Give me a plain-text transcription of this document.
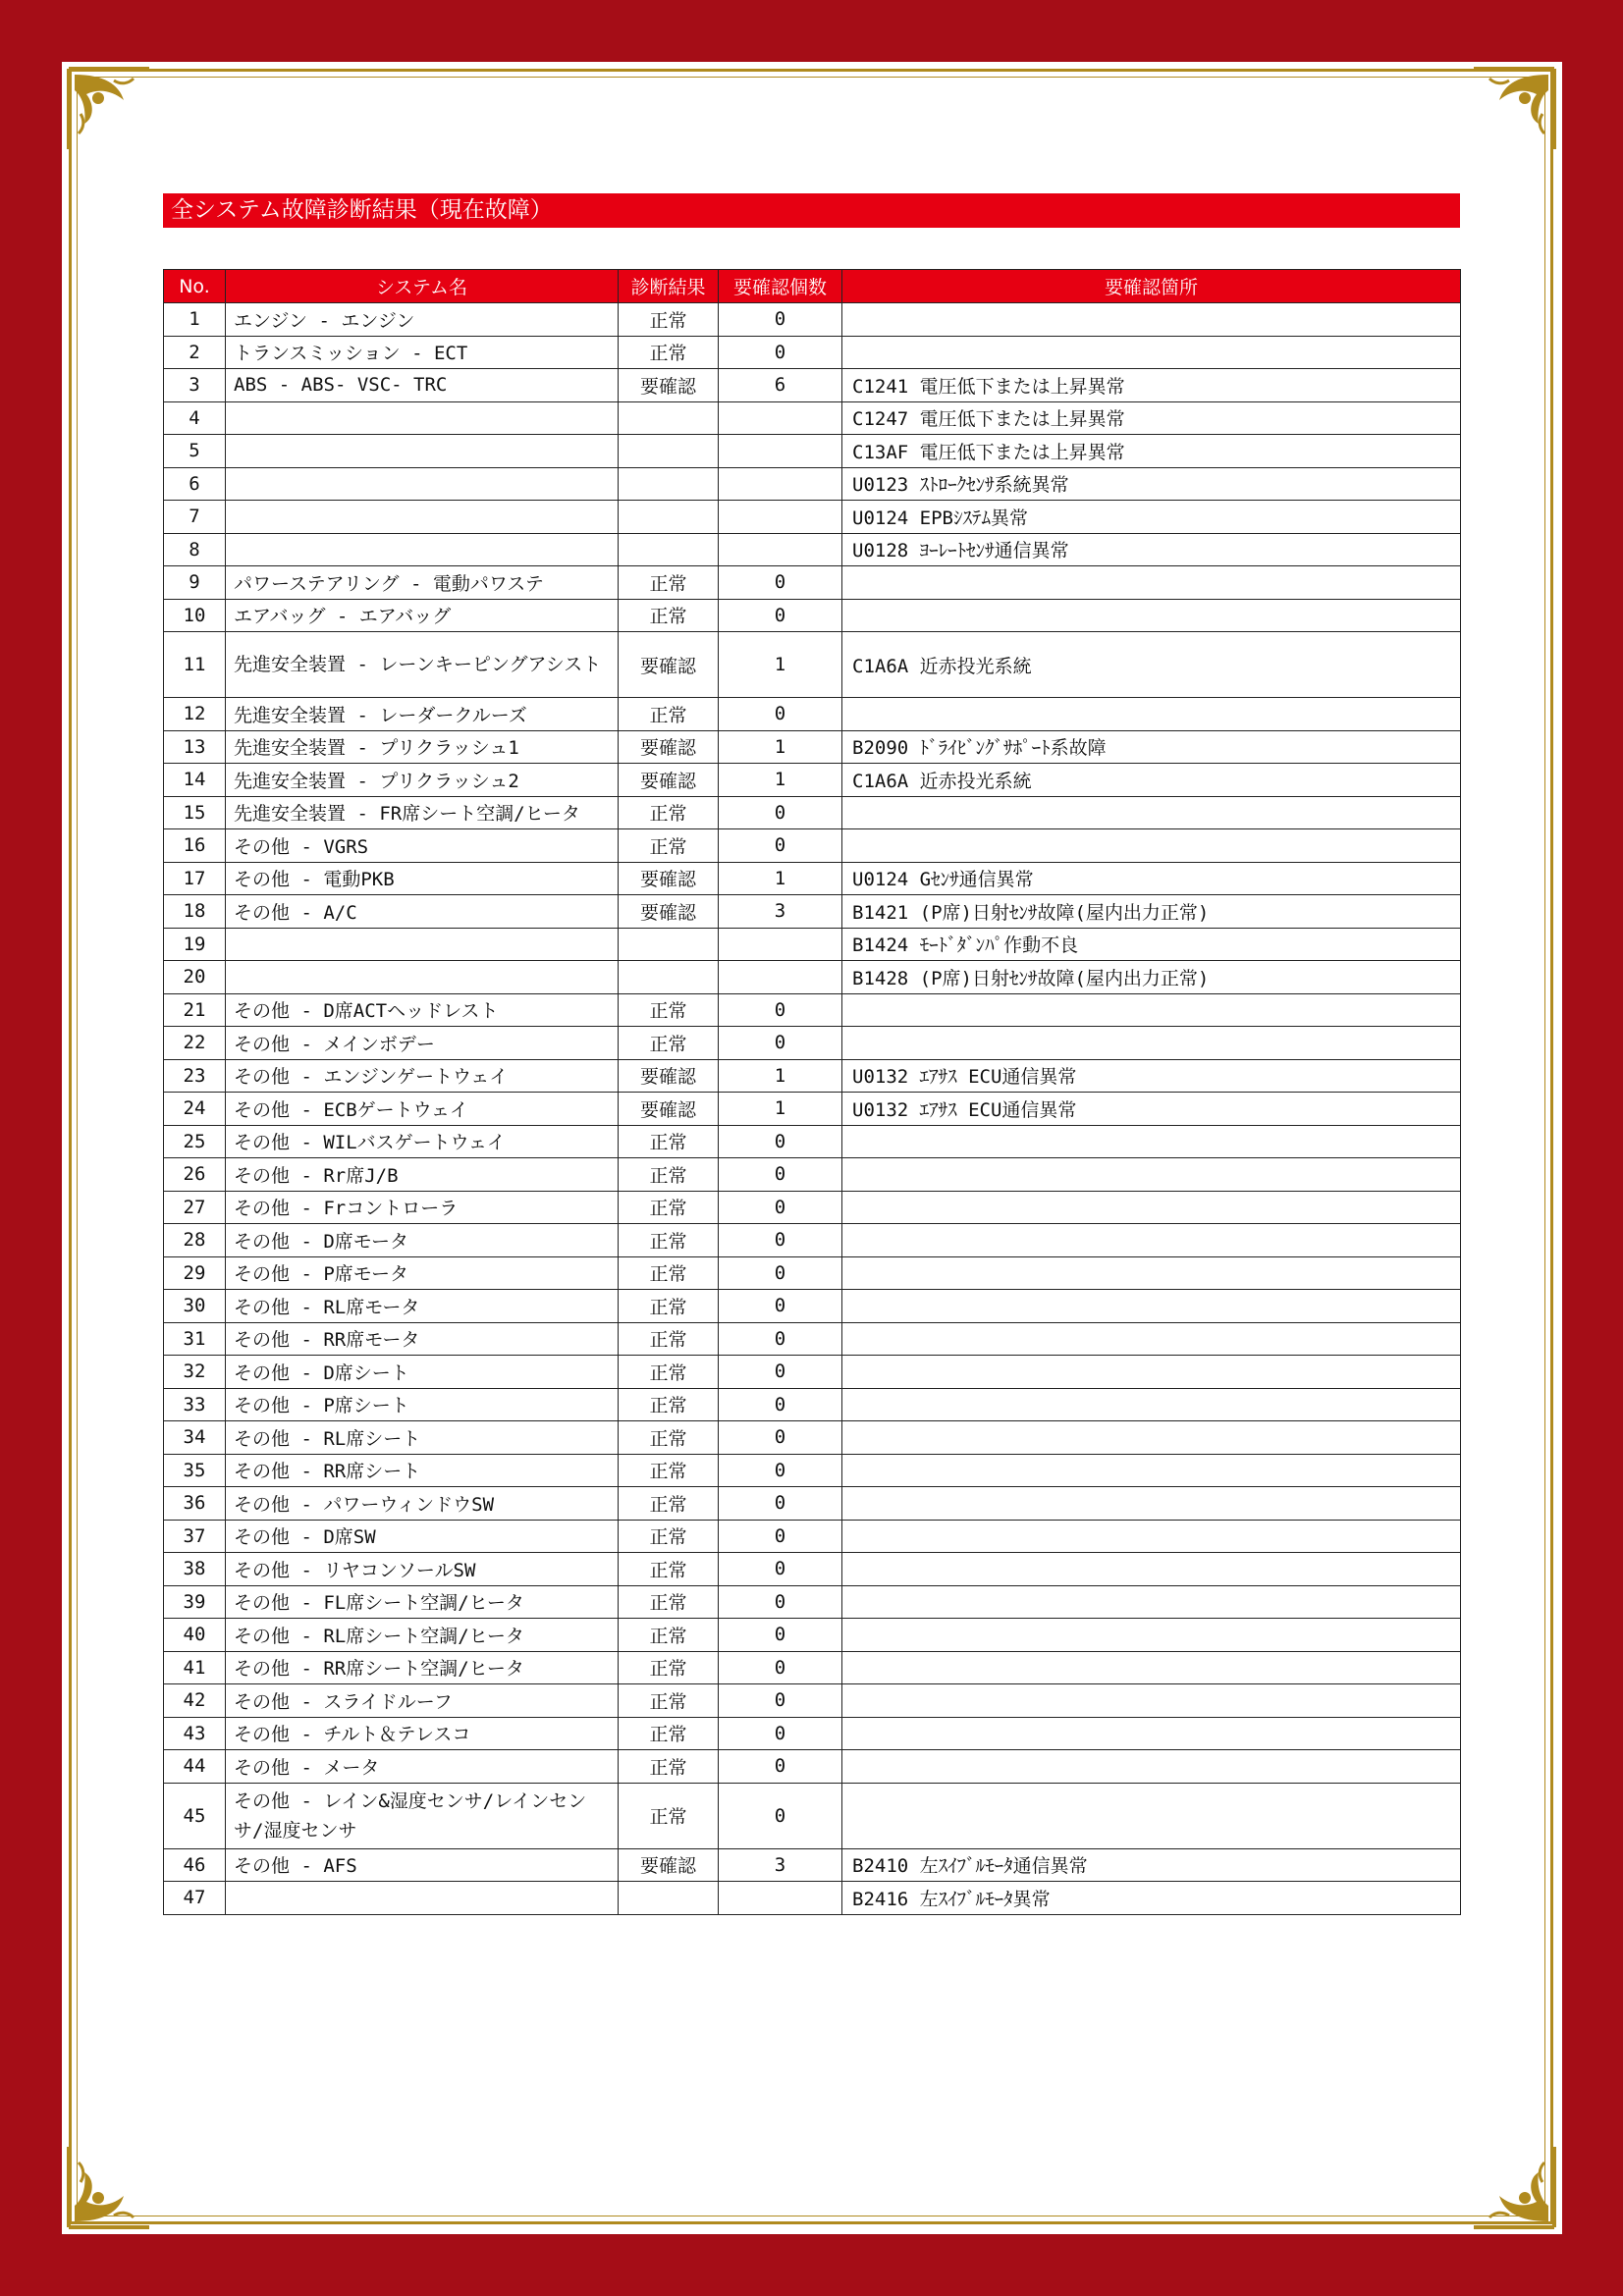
全システム故障診断結果（現在故障）
No.	システム名	診断結果	要確認個数	要確認箇所
1	エンジン - エンジン	正常	0	
2	トランスミッション - ECT	正常	0	
3	ABS - ABS- VSC- TRC	要確認	6	C1241 電圧低下または上昇異常
4				C1247 電圧低下または上昇異常
5				C13AF 電圧低下または上昇異常
6				U0123 ｽﾄﾛｰｸｾﾝｻ系統異常
7				U0124 EPBｼｽﾃﾑ異常
8				U0128 ﾖｰﾚｰﾄｾﾝｻ通信異常
9	パワーステアリング - 電動パワステ	正常	0	
10	エアバッグ - エアバッグ	正常	0	
11	先進安全装置 - レーンキーピングアシスト	要確認	1	C1A6A 近赤投光系統
12	先進安全装置 - レーダークルーズ	正常	0	
13	先進安全装置 - プリクラッシュ1	要確認	1	B2090 ﾄﾞﾗｲﾋﾞﾝｸﾞｻﾎﾟｰﾄ系故障
14	先進安全装置 - プリクラッシュ2	要確認	1	C1A6A 近赤投光系統
15	先進安全装置 - FR席シート空調/ヒータ	正常	0	
16	その他 - VGRS	正常	0	
17	その他 - 電動PKB	要確認	1	U0124 Gｾﾝｻ通信異常
18	その他 - A/C	要確認	3	B1421 (P席)日射ｾﾝｻ故障(屋内出力正常)
19				B1424 ﾓｰﾄﾞﾀﾞﾝﾊﾟ作動不良
20				B1428 (P席)日射ｾﾝｻ故障(屋内出力正常)
21	その他 - D席ACTヘッドレスト	正常	0	
22	その他 - メインボデー	正常	0	
23	その他 - エンジンゲートウェイ	要確認	1	U0132 ｴｱｻｽ ECU通信異常
24	その他 - ECBゲートウェイ	要確認	1	U0132 ｴｱｻｽ ECU通信異常
25	その他 - WILバスゲートウェイ	正常	0	
26	その他 - Rr席J/B	正常	0	
27	その他 - Frコントローラ	正常	0	
28	その他 - D席モータ	正常	0	
29	その他 - P席モータ	正常	0	
30	その他 - RL席モータ	正常	0	
31	その他 - RR席モータ	正常	0	
32	その他 - D席シート	正常	0	
33	その他 - P席シート	正常	0	
34	その他 - RL席シート	正常	0	
35	その他 - RR席シート	正常	0	
36	その他 - パワーウィンドウSW	正常	0	
37	その他 - D席SW	正常	0	
38	その他 - リヤコンソールSW	正常	0	
39	その他 - FL席シート空調/ヒータ	正常	0	
40	その他 - RL席シート空調/ヒータ	正常	0	
41	その他 - RR席シート空調/ヒータ	正常	0	
42	その他 - スライドルーフ	正常	0	
43	その他 - チルト＆テレスコ	正常	0	
44	その他 - メータ	正常	0	
45	その他 - レイン&湿度センサ/レインセンサ/湿度センサ	正常	0	
46	その他 - AFS	要確認	3	B2410 左ｽｲﾌﾞﾙﾓｰﾀ通信異常
47				B2416 左ｽｲﾌﾞﾙﾓｰﾀ異常
